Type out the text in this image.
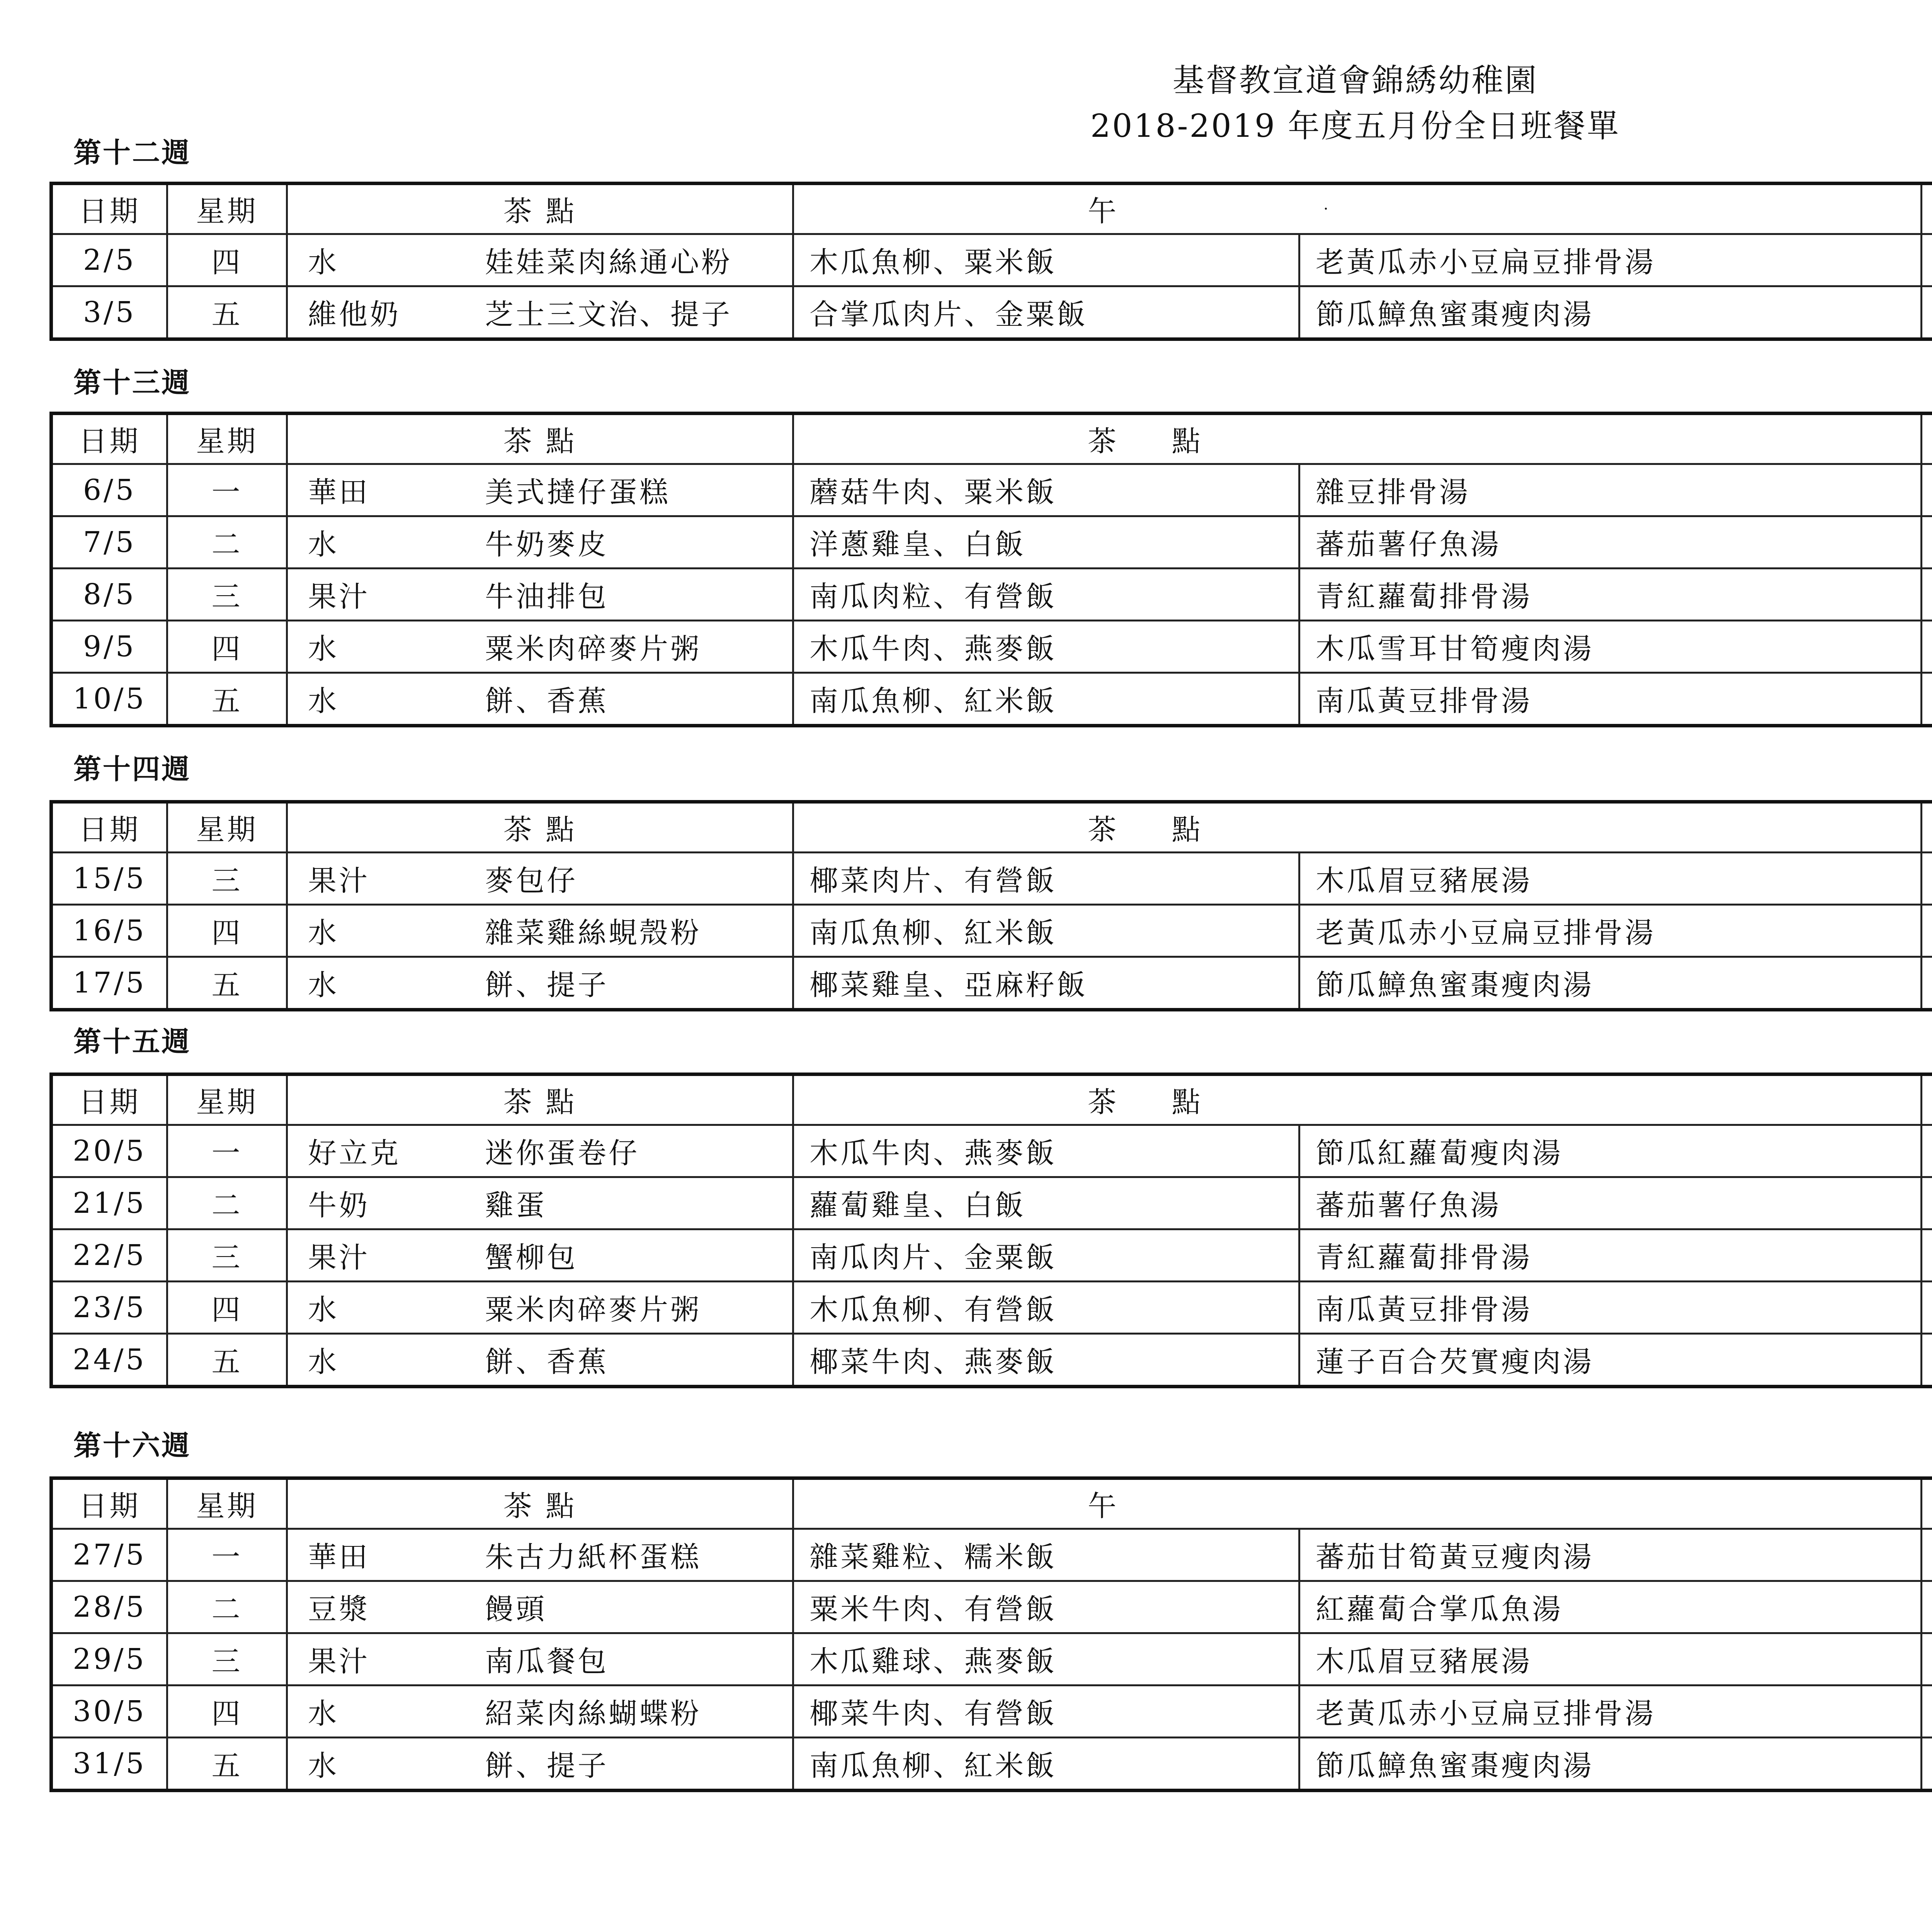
基督教宣道會錦綉幼稚園
2018-2019 年度五月份全日班餐單
第十二週
日期	星期	茶 點	午 ·

2/5	四	水 娃娃菜肉絲通心粉	木瓜魚柳、粟米飯	老黃瓜赤小豆扁豆排骨湯		
3/5	五	維他奶 芝士三文治、提子	合掌瓜肉片、金粟飯	節瓜鱆魚蜜棗瘦肉湯		
第十三週
日期	星期	茶 點	茶 點

6/5	一	華田 美式撻仔蛋糕	蘑菇牛肉、粟米飯	雜豆排骨湯		
7/5	二	水 牛奶麥皮	洋蔥雞皇、白飯	蕃茄薯仔魚湯		
8/5	三	果汁 牛油排包	南瓜肉粒、有營飯	青紅蘿蔔排骨湯		
9/5	四	水 粟米肉碎麥片粥	木瓜牛肉、燕麥飯	木瓜雪耳甘筍瘦肉湯		
10/5	五	水 餅、香蕉	南瓜魚柳、紅米飯	南瓜黃豆排骨湯		
第十四週
日期	星期	茶 點	茶 點

15/5	三	果汁 麥包仔	椰菜肉片、有營飯	木瓜眉豆豬展湯		
16/5	四	水 雜菜雞絲蜆殼粉	南瓜魚柳、紅米飯	老黃瓜赤小豆扁豆排骨湯		
17/5	五	水 餅、提子	椰菜雞皇、亞麻籽飯	節瓜鱆魚蜜棗瘦肉湯		
第十五週
日期	星期	茶 點	茶 點

20/5	一	好立克 迷你蛋卷仔	木瓜牛肉、燕麥飯	節瓜紅蘿蔔瘦肉湯		
21/5	二	牛奶 雞蛋	蘿蔔雞皇、白飯	蕃茄薯仔魚湯		
22/5	三	果汁 蟹柳包	南瓜肉片、金粟飯	青紅蘿蔔排骨湯		
23/5	四	水 粟米肉碎麥片粥	木瓜魚柳、有營飯	南瓜黃豆排骨湯		
24/5	五	水 餅、香蕉	椰菜牛肉、燕麥飯	蓮子百合芡實瘦肉湯		
第十六週
日期	星期	茶 點	午

27/5	一	華田 朱古力紙杯蛋糕	雜菜雞粒、糯米飯	蕃茄甘筍黃豆瘦肉湯		
28/5	二	豆漿 饅頭	粟米牛肉、有營飯	紅蘿蔔合掌瓜魚湯		
29/5	三	果汁 南瓜餐包	木瓜雞球、燕麥飯	木瓜眉豆豬展湯		
30/5	四	水 紹菜肉絲蝴蝶粉	椰菜牛肉、有營飯	老黃瓜赤小豆扁豆排骨湯		
31/5	五	水 餅、提子	南瓜魚柳、紅米飯	節瓜鱆魚蜜棗瘦肉湯		
